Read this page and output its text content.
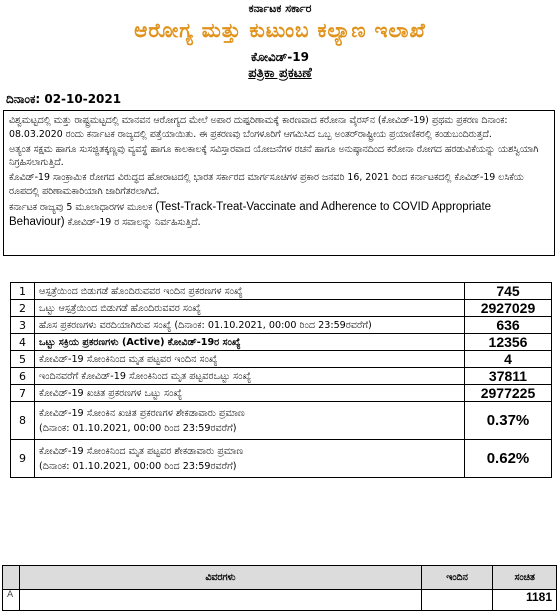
ಕರ್ನಾಟಕ ಸರ್ಕಾರ
ಆರೋಗ್ಯ ಮತ್ತು ಕುಟುಂಬ ಕಲ್ಯಾಣ ಇಲಾಖೆ
ಕೋವಿಡ್-19
ಪತ್ರಿಕಾ ಪ್ರಕಟಣೆ
ದಿನಾಂಕ: 02-10-2021

ವಿಶ್ವಮಟ್ಟದಲ್ಲಿ ಮತ್ತು ರಾಷ್ಟ್ರಮಟ್ಟದಲ್ಲಿ ಮಾನವನ ಆರೋಗ್ಯದ ಮೇಲೆ ಅಪಾರ ದುಷ್ಪರಿಣಾಮಕ್ಕೆ ಕಾರಣವಾದ ಕರೋನಾ ವೈರಸ್‌ನ (ಕೋವಿಡ್-19) ಪ್ರಥಮ ಪ್ರಕರಣ ದಿನಾಂಕ: 08.03.2020 ರಂದು ಕರ್ನಾಟಕ ರಾಜ್ಯದಲ್ಲಿ ಪತ್ತೆಯಾಯಿತು. ಈ ಪ್ರಕರಣವು ಬೆಂಗಳೂರಿಗೆ ಆಗಮಿಸಿದ ಒಬ್ಬ ಅಂತರ್‌ರಾಷ್ಟ್ರೀಯ ಪ್ರಯಾಣಿಕರಲ್ಲಿ ಕಂಡುಬಂದಿರುತ್ತದೆ.

ಅತ್ಯಂತ ಸಕ್ಷಮ ಹಾಗೂ ಸುಸಜ್ಜಿತಕ್ಕಣ್ಣವು ವ್ಯವಸ್ಥೆ ಹಾಗೂ ಕಾಲಕಾಲಕ್ಕೆ ಸವಿಸ್ತಾರವಾದ ಯೋಜನೆಗಳ ರಚನೆ ಹಾಗೂ ಅನುಷ್ಠಾನದಿಂದ ಕರೋನಾ ರೋಗದ ಹರಡುವಿಕೆಯನ್ನು ಯಶಸ್ವಿಯಾಗಿ ನಿಗ್ರಹಿಸಲಾಗುತ್ತಿದೆ.

ಕೊವಿಡ್-19 ಸಾಂಕ್ರಾಮಿಕ ರೋಗದ ವಿರುದ್ಧದ ಹೋರಾಟದಲ್ಲಿ ಭಾರತ ಸರ್ಕಾರದ ಮಾರ್ಗಸೂಚಿಗಳ ಪ್ರಕಾರ ಜನವರಿ 16, 2021 ರಿಂದ ಕರ್ನಾಟಕದಲ್ಲಿ ಕೊವಿಡ್-19 ಲಸಿಕೆಯ ರೂಪದಲ್ಲಿ ಪರಿಣಾಮಕಾರಿಯಾಗಿ ಜಾರಿಗೆತರಲಾಗಿದೆ.

ಕರ್ನಾಟಕ ರಾಜ್ಯವು 5 ಮೂಲಾಧಾರಗಳ ಮೂಲಕ (Test-Track-Treat-Vaccinate and Adherence to COVID Appropriate Behaviour) ಕೋವಿಡ್-19 ರ ಸವಾಲನ್ನು ನಿರ್ವಹಿಸುತ್ತಿದೆ.

1	ಆಸ್ಪತ್ರೆಯಿಂದ ಬಿಡುಗಡೆ ಹೊಂದಿರುವವರ ಇಂದಿನ ಪ್ರಕರಣಗಳ ಸಂಖ್ಯೆ	745
2	ಒಟ್ಟು ಆಸ್ಪತ್ರೆಯಿಂದ ಬಿಡುಗಡೆ ಹೊಂದಿರುವವರ ಸಂಖ್ಯೆ	2927029
3	ಹೊಸ ಪ್ರಕರಣಗಳು ವರದಿಯಾಗಿರುವ ಸಂಖ್ಯೆ (ದಿನಾಂಕ: 01.10.2021, 00:00 ರಿಂದ 23:59ರವರೆಗೆ)	636
4	ಒಟ್ಟು ಸಕ್ರಿಯ ಪ್ರಕರಣಗಳು (Active) ಕೋವಿಡ್-19ರ ಸಂಖ್ಯೆ	12356
5	ಕೋವಿಡ್-19 ಸೋಂಕಿನಿಂದ ಮೃತ ಪಟ್ಟವರ ಇಂದಿನ ಸಂಖ್ಯೆ	4
6	ಇಂದಿನವರೆಗೆ ಕೋವಿಡ್-19 ಸೋಂಕಿನಿಂದ ಮೃತ ಪಟ್ಟವರಒಟ್ಟು ಸಂಖ್ಯೆ	37811
7	ಕೋವಿಡ್-19 ಖಚಿತ ಪ್ರಕರಣಗಳ ಒಟ್ಟು ಸಂಖ್ಯೆ	2977225
8	ಕೋವಿಡ್-19 ಸೋಂಕಿನ ಖಚಿತ ಪ್ರಕರಣಗಳ ಶೇಕಡಾವಾರು ಪ್ರಮಾಣ
(ದಿನಾಂಕ: 01.10.2021, 00:00 ರಿಂದ 23:59ರವರೆಗೆ)	0.37%
9	ಕೋವಿಡ್-19 ಸೋಂಕಿನಿಂದ ಮೃತ ಪಟ್ಟವರ ಶೇಕಡಾವಾರು ಪ್ರಮಾಣ
(ದಿನಾಂಕ: 01.10.2021, 00:00 ರಿಂದ 23:59ರವರೆಗೆ)	0.62%
	ವಿವರಗಳು	ಇಂದಿನ	ಸಂಚಿತ
A			1181
